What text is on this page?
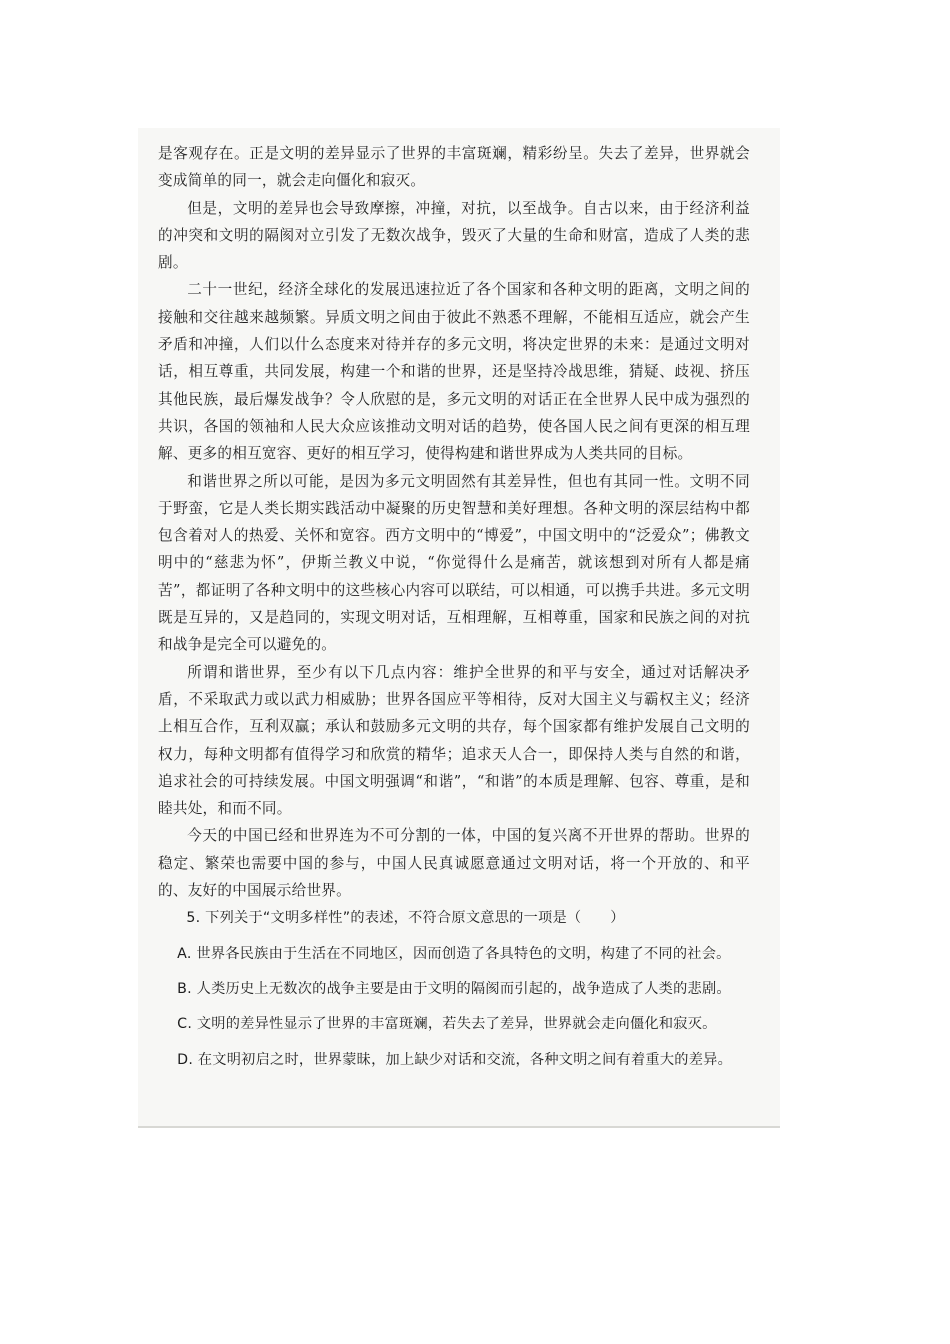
是客观存在。正是文明的差异显示了世界的丰富斑斓，精彩纷呈。失去了差异，世界就会变成简单的同一，就会走向僵化和寂灭。

但是，文明的差异也会导致摩擦，冲撞，对抗，以至战争。自古以来，由于经济利益的冲突和文明的隔阂对立引发了无数次战争，毁灭了大量的生命和财富，造成了人类的悲剧。

二十一世纪，经济全球化的发展迅速拉近了各个国家和各种文明的距离，文明之间的接触和交往越来越频繁。异质文明之间由于彼此不熟悉不理解，不能相互适应，就会产生矛盾和冲撞，人们以什么态度来对待并存的多元文明，将决定世界的未来：是通过文明对话，相互尊重，共同发展，构建一个和谐的世界，还是坚持冷战思维，猜疑、歧视、挤压其他民族，最后爆发战争？令人欣慰的是，多元文明的对话正在全世界人民中成为强烈的共识，各国的领袖和人民大众应该推动文明对话的趋势，使各国人民之间有更深的相互理解、更多的相互宽容、更好的相互学习，使得构建和谐世界成为人类共同的目标。

和谐世界之所以可能，是因为多元文明固然有其差异性，但也有其同一性。文明不同于野蛮，它是人类长期实践活动中凝聚的历史智慧和美好理想。各种文明的深层结构中都包含着对人的热爱、关怀和宽容。西方文明中的“博爱”，中国文明中的“泛爱众”；佛教文明中的“慈悲为怀”，伊斯兰教义中说，“你觉得什么是痛苦，就该想到对所有人都是痛苦”，都证明了各种文明中的这些核心内容可以联结，可以相通，可以携手共进。多元文明既是互异的，又是趋同的，实现文明对话，互相理解，互相尊重，国家和民族之间的对抗和战争是完全可以避免的。

所谓和谐世界，至少有以下几点内容：维护全世界的和平与安全，通过对话解决矛盾，不采取武力或以武力相威胁；世界各国应平等相待，反对大国主义与霸权主义；经济上相互合作，互利双赢；承认和鼓励多元文明的共存，每个国家都有维护发展自己文明的权力，每种文明都有值得学习和欣赏的精华；追求天人合一，即保持人类与自然的和谐，追求社会的可持续发展。中国文明强调“和谐”，“和谐”的本质是理解、包容、尊重，是和睦共处，和而不同。

今天的中国已经和世界连为不可分割的一体，中国的复兴离不开世界的帮助。世界的稳定、繁荣也需要中国的参与，中国人民真诚愿意通过文明对话，将一个开放的、和平的、友好的中国展示给世界。

5. 下列关于“文明多样性”的表述，不符合原文意思的一项是（　　）

A. 世界各民族由于生活在不同地区，因而创造了各具特色的文明，构建了不同的社会。

B. 人类历史上无数次的战争主要是由于文明的隔阂而引起的，战争造成了人类的悲剧。

C. 文明的差异性显示了世界的丰富斑斓，若失去了差异，世界就会走向僵化和寂灭。

D. 在文明初启之时，世界蒙昧，加上缺少对话和交流，各种文明之间有着重大的差异。
